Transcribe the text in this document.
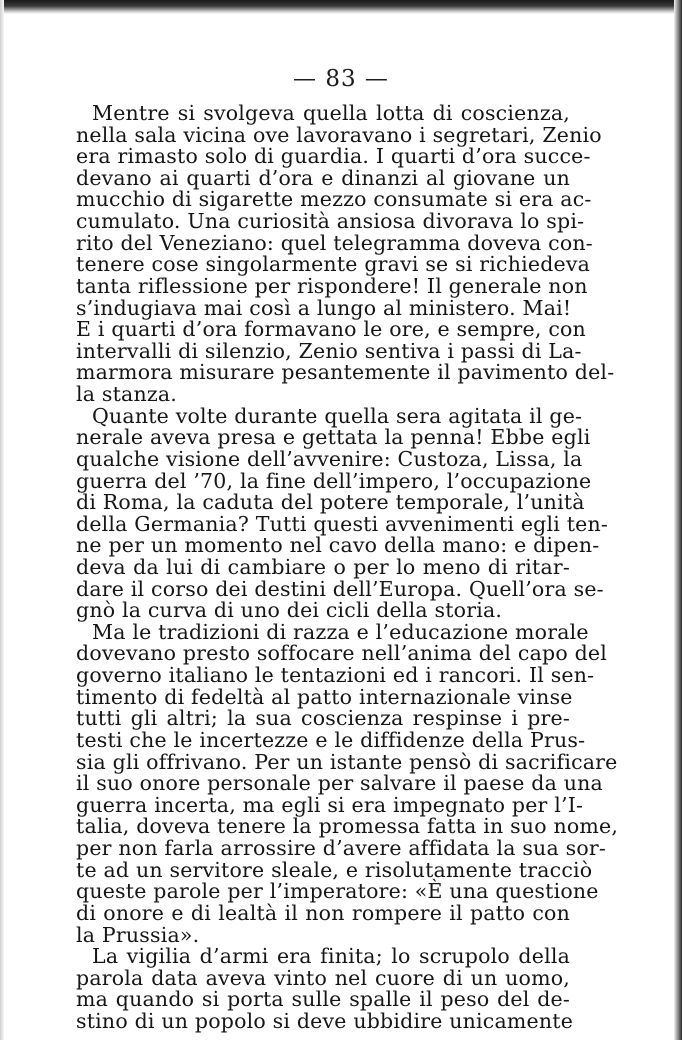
— 83 —
Mentre si svolgeva quella lotta di coscienza,
nella sala vicina ove lavoravano i segretari, Zenio
era rimasto solo di guardia. I quarti d’ora succe-
devano ai quarti d’ora e dinanzi al giovane un
mucchio di sigarette mezzo consumate si era ac-
cumulato. Una curiosità ansiosa divorava lo spi-
rito del Veneziano: quel telegramma doveva con-
tenere cose singolarmente gravi se si richiedeva
tanta riflessione per rispondere! Il generale non
s’indugiava mai così a lungo al ministero. Mai!
E i quarti d’ora formavano le ore, e sempre, con
intervalli di silenzio, Zenio sentiva i passi di La-
marmora misurare pesantemente il pavimento del-
la stanza.
Quante volte durante quella sera agitata il ge-
nerale aveva presa e gettata la penna! Ebbe egli
qualche visione dell’avvenire: Custoza, Lissa, la
guerra del ’70, la fine dell’impero, l’occupazione
di Roma, la caduta del potere temporale, l’unità
della Germania? Tutti questi avvenimenti egli ten-
ne per un momento nel cavo della mano: e dipen-
deva da lui di cambiare o per lo meno di ritar-
dare il corso dei destini dell’Europa. Quell’ora se-
gnò la curva di uno dei cicli della storia.
Ma le tradizioni di razza e l’educazione morale
dovevano presto soffocare nell’anima del capo del
governo italiano le tentazioni ed i rancori. Il sen-
timento di fedeltà al patto internazionale vinse
tutti gli altri; la sua coscienza respinse i pre-
testi che le incertezze e le diffidenze della Prus-
sia gli offrivano. Per un istante pensò di sacrificare
il suo onore personale per salvare il paese da una
guerra incerta, ma egli si era impegnato per l’I-
talia, doveva tenere la promessa fatta in suo nome,
per non farla arrossire d’avere affidata la sua sor-
te ad un servitore sleale, e risolutamente tracciò
queste parole per l’imperatore: «È una questione
di onore e di lealtà il non rompere il patto con
la Prussia».
La vigilia d’armi era finita; lo scrupolo della
parola data aveva vinto nel cuore di un uomo,
ma quando si porta sulle spalle il peso del de-
stino di un popolo si deve ubbidire unicamente
